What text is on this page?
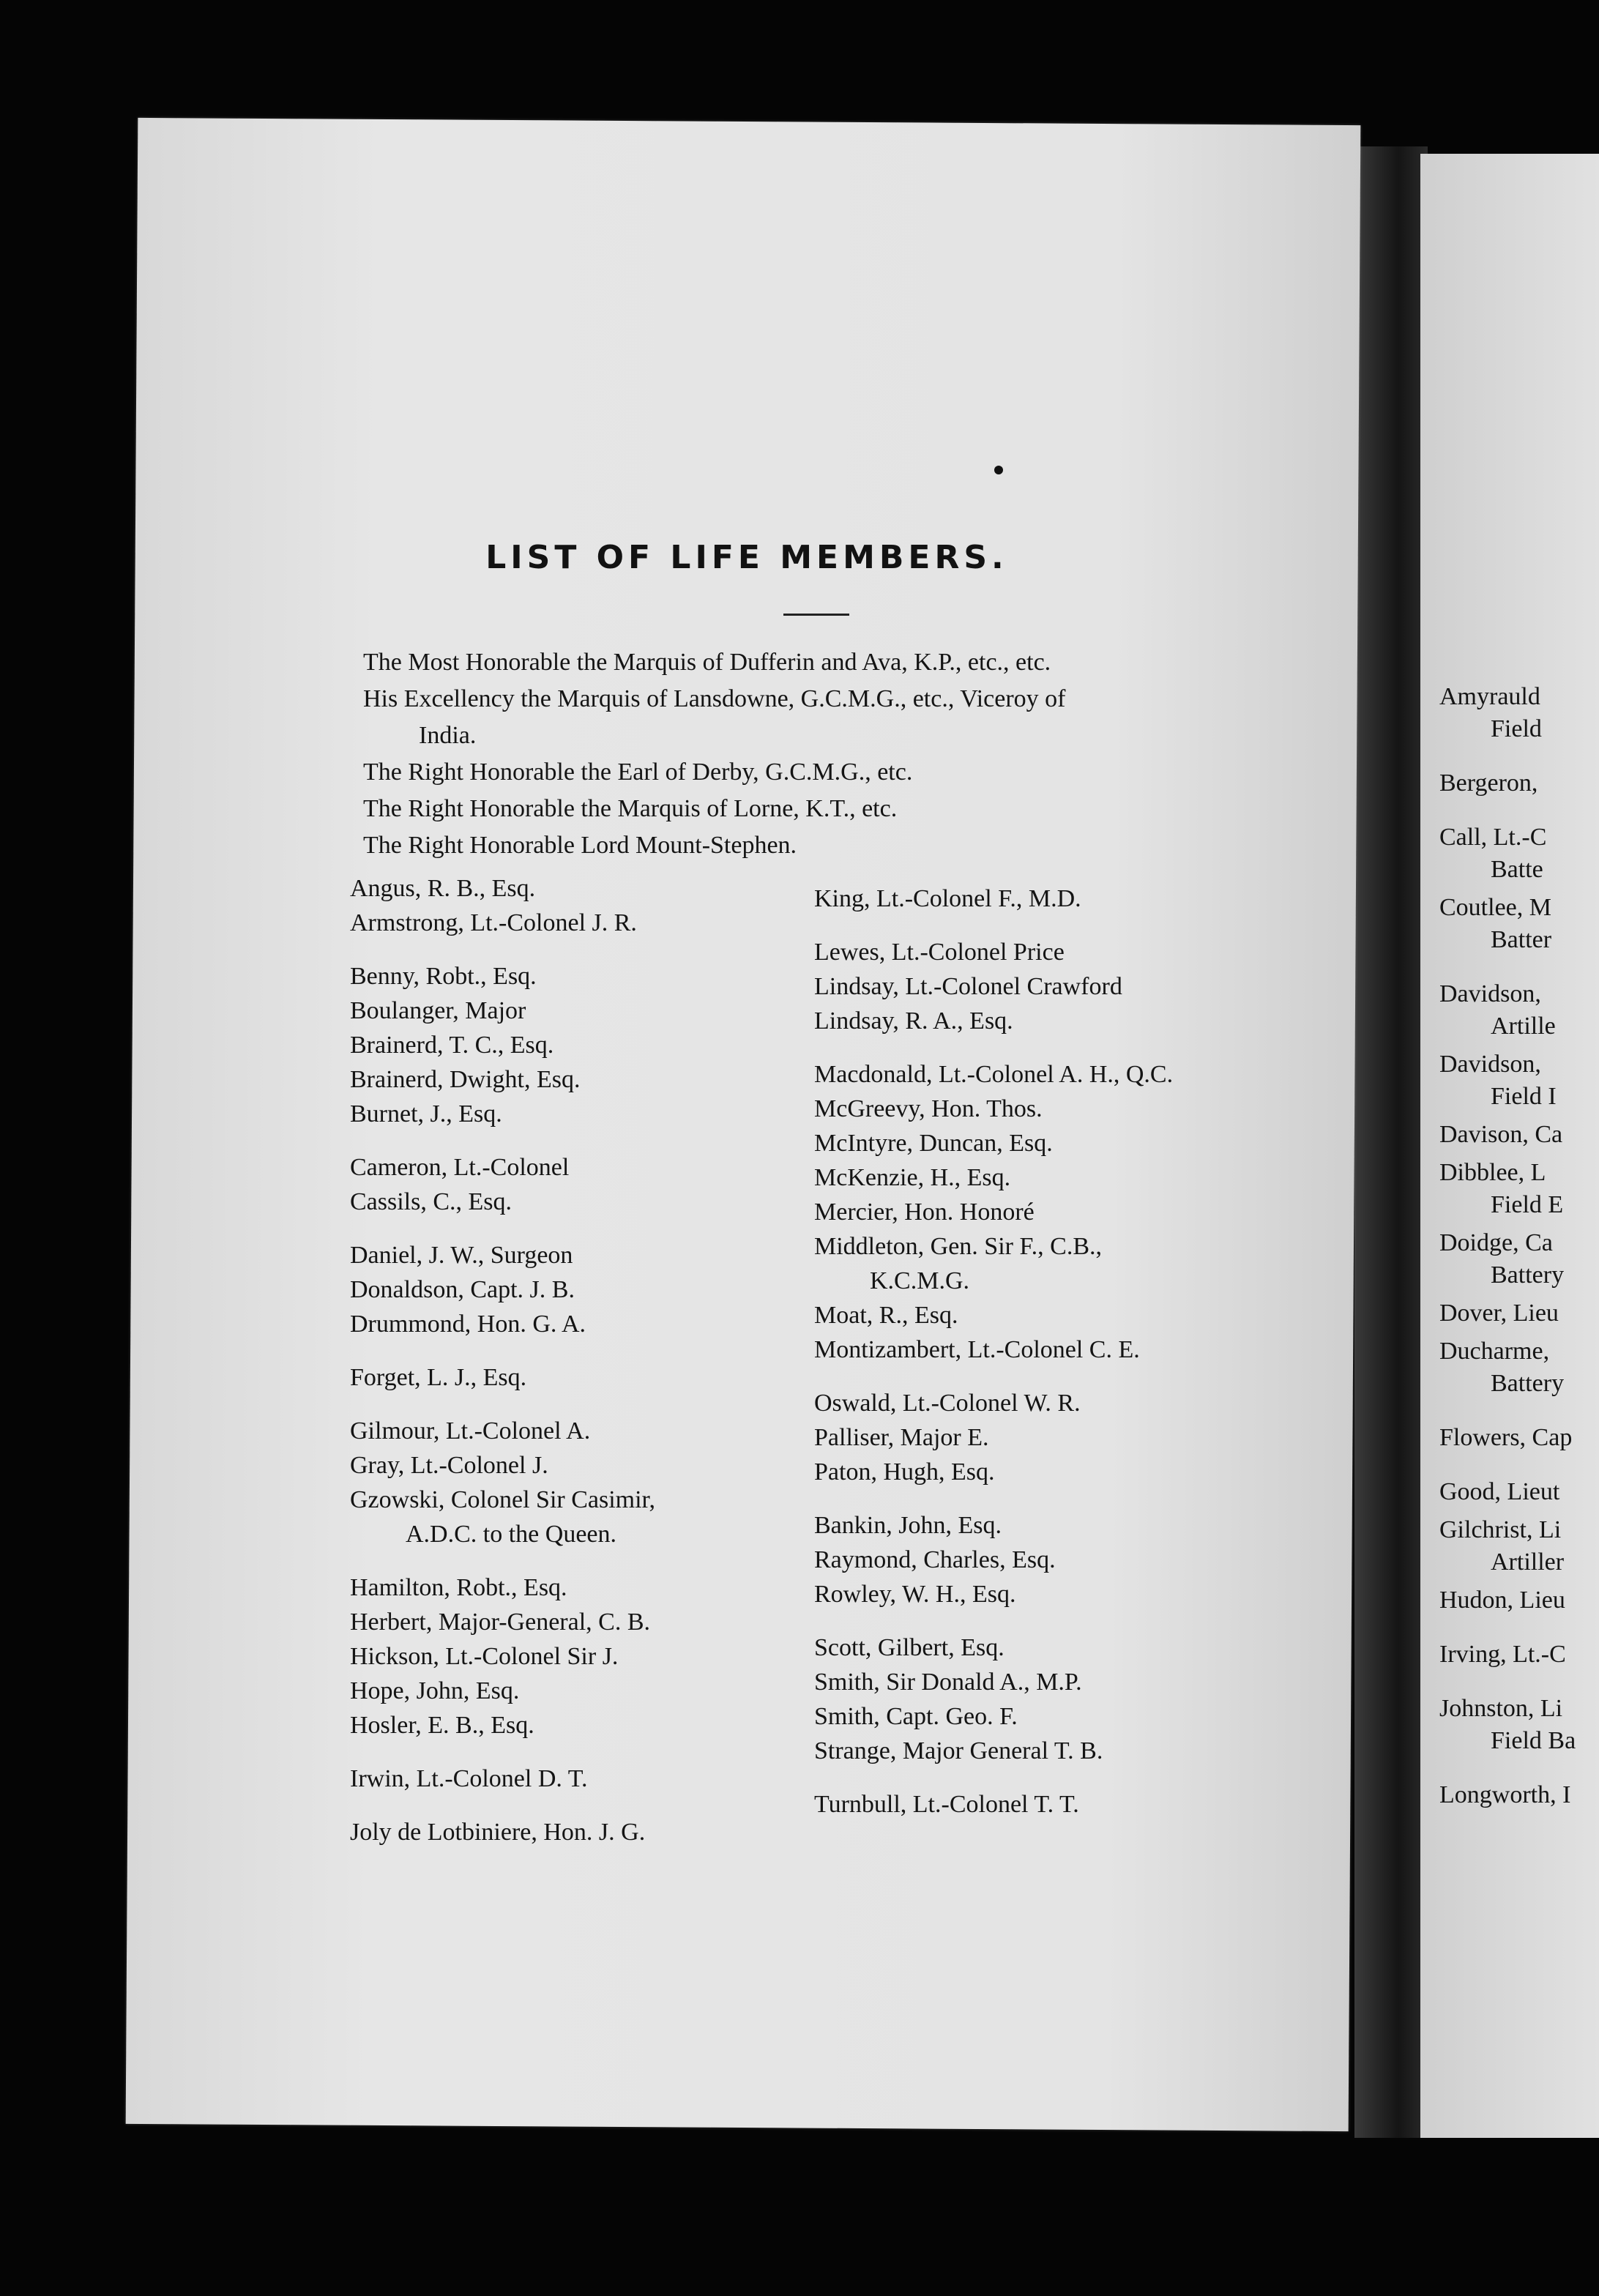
Amyrauld
Field
Bergeron,
Call, Lt.-C
Batte
Coutlee, M
Batter
Davidson,
Artille
Davidson,
Field I
Davison, Ca
Dibblee, L
Field E
Doidge, Ca
Battery
Dover, Lieu
Ducharme,
Battery
Flowers, Cap
Good, Lieut
Gilchrist, Li
Artiller
Hudon, Lieu
Irving, Lt.-C
Johnston, Li
Field Ba
Longworth, I
LIST OF LIFE MEMBERS.
The Most Honorable the Marquis of Dufferin and Ava, K.P., etc., etc.
His Excellency the Marquis of Lansdowne, G.C.M.G., etc., Viceroy of
India.
The Right Honorable the Earl of Derby, G.C.M.G., etc.
The Right Honorable the Marquis of Lorne, K.T., etc.
The Right Honorable Lord Mount-Stephen.
Angus, R. B., Esq.
Armstrong, Lt.-Colonel J. R.
Benny, Robt., Esq.
Boulanger, Major
Brainerd, T. C., Esq.
Brainerd, Dwight, Esq.
Burnet, J., Esq.
Cameron, Lt.-Colonel
Cassils, C., Esq.
Daniel, J. W., Surgeon
Donaldson, Capt. J. B.
Drummond, Hon. G. A.
Forget, L. J., Esq.
Gilmour, Lt.-Colonel A.
Gray, Lt.-Colonel J.
Gzowski, Colonel Sir Casimir,
A.D.C. to the Queen.
Hamilton, Robt., Esq.
Herbert, Major-General, C. B.
Hickson, Lt.-Colonel Sir J.
Hope, John, Esq.
Hosler, E. B., Esq.
Irwin, Lt.-Colonel D. T.
Joly de Lotbiniere, Hon. J. G.
King, Lt.-Colonel F., M.D.
Lewes, Lt.-Colonel Price
Lindsay, Lt.-Colonel Crawford
Lindsay, R. A., Esq.
Macdonald, Lt.-Colonel A. H., Q.C.
McGreevy, Hon. Thos.
McIntyre, Duncan, Esq.
McKenzie, H., Esq.
Mercier, Hon. Honoré
Middleton, Gen. Sir F., C.B.,
K.C.M.G.
Moat, R., Esq.
Montizambert, Lt.-Colonel C. E.
Oswald, Lt.-Colonel W. R.
Palliser, Major E.
Paton, Hugh, Esq.
Bankin, John, Esq.
Raymond, Charles, Esq.
Rowley, W. H., Esq.
Scott, Gilbert, Esq.
Smith, Sir Donald A., M.P.
Smith, Capt. Geo. F.
Strange, Major General T. B.
Turnbull, Lt.-Colonel T. T.
